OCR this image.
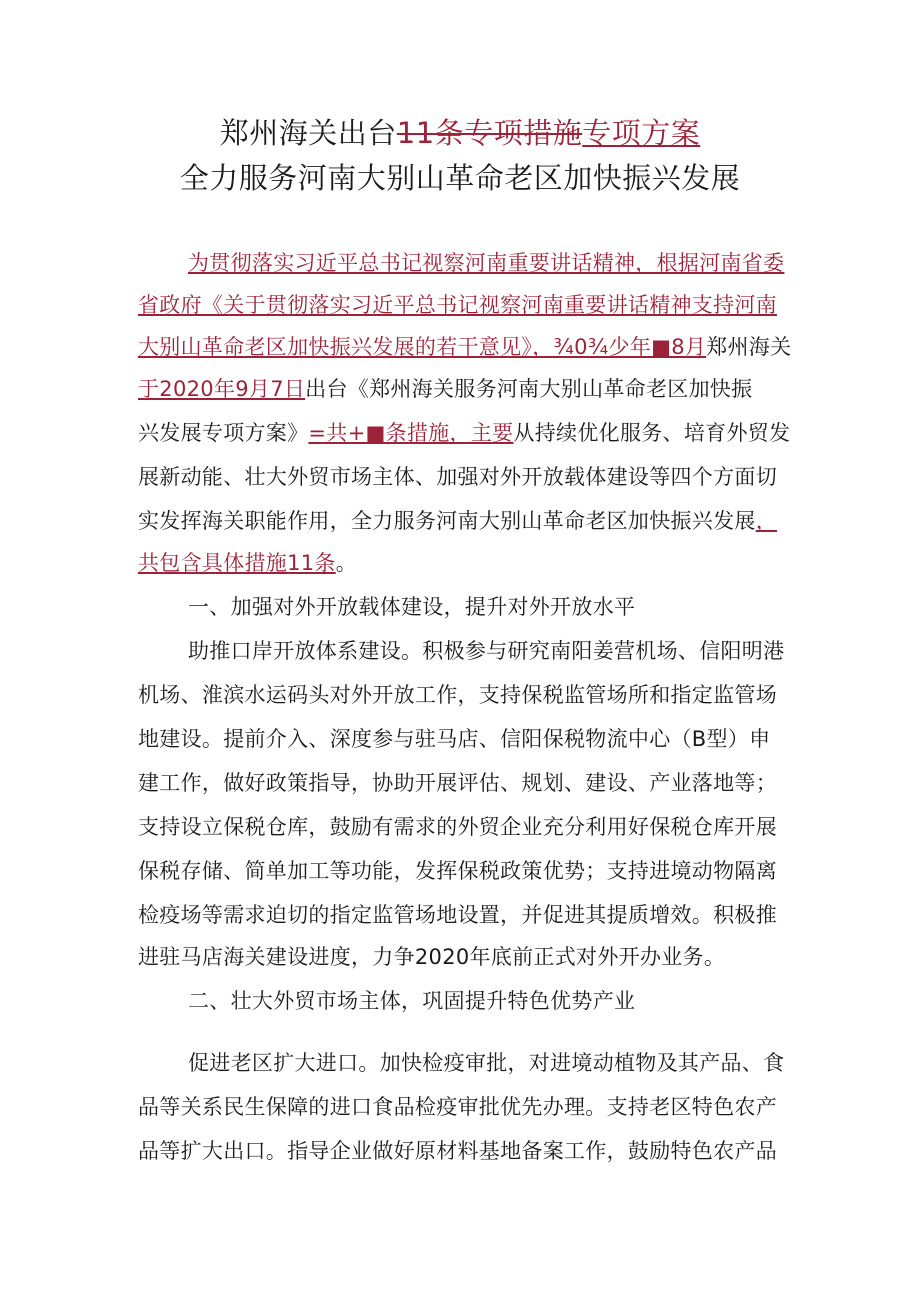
郑州海关出台11条专项措施专项方案
全力服务河南大别山革命老区加快振兴发展
为贯彻落实习近平总书记视察河南重要讲话精神，根据河南省委
省政府《关于贯彻落实习近平总书记视察河南重要讲话精神支持河南
大别山革命老区加快振兴发展的若干意见》，¾0¾少年■8月郑州海关
于2020年9月7日出台《郑州海关服务河南大别山革命老区加快振
兴发展专项方案》=共+■条措施，主要从持续优化服务、培育外贸发
展新动能、壮大外贸市场主体、加强对外开放载体建设等四个方面切
实发挥海关职能作用，全力服务河南大别山革命老区加快振兴发展，
共包含具体措施11条。
一、加强对外开放载体建设，提升对外开放水平
助推口岸开放体系建设。积极参与研究南阳姜营机场、信阳明港
机场、淮滨水运码头对外开放工作，支持保税监管场所和指定监管场
地建设。提前介入、深度参与驻马店、信阳保税物流中心（B型）申
建工作，做好政策指导，协助开展评估、规划、建设、产业落地等；
支持设立保税仓库，鼓励有需求的外贸企业充分利用好保税仓库开展
保税存储、简单加工等功能，发挥保税政策优势；支持进境动物隔离
检疫场等需求迫切的指定监管场地设置，并促进其提质增效。积极推
进驻马店海关建设进度，力争2020年底前正式对外开办业务。
二、壮大外贸市场主体，巩固提升特色优势产业
促进老区扩大进口。加快检疫审批，对进境动植物及其产品、食
品等关系民生保障的进口食品检疫审批优先办理。支持老区特色农产
品等扩大出口。指导企业做好原材料基地备案工作，鼓励特色农产品
